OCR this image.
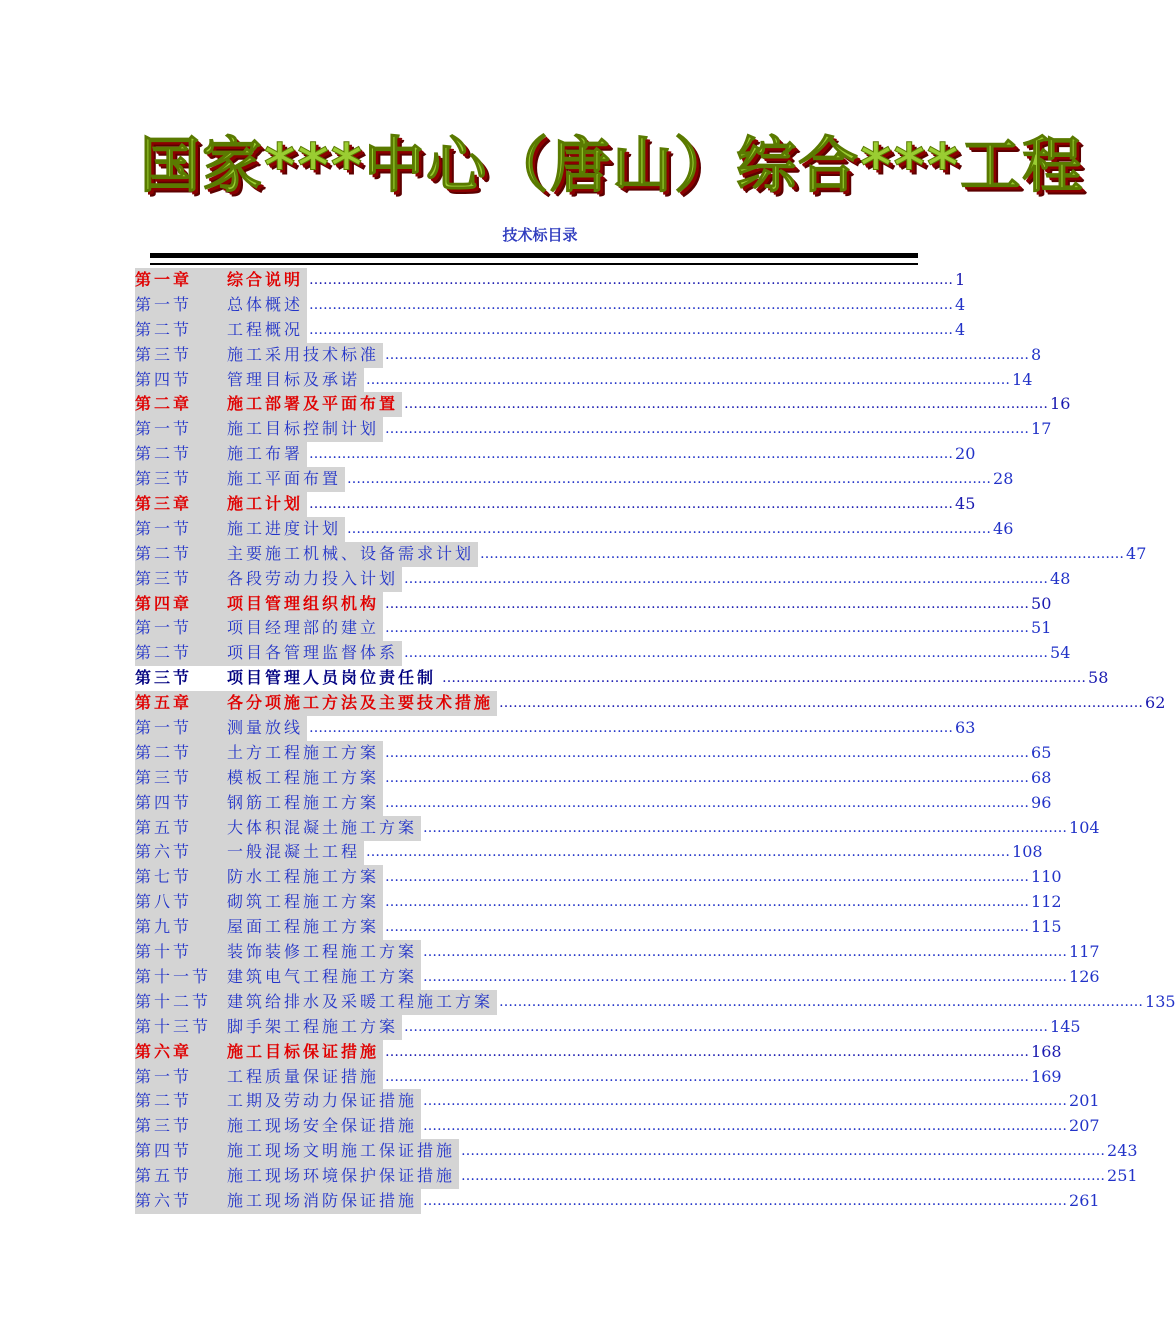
国家***中心（唐山）综合***工程
技术标目录
第一章 综合说明 …………………………………………………………………………………………………………………………	1
第一节 总体概述 …………………………………………………………………………………………………………………………	4
第二节 工程概况 …………………………………………………………………………………………………………………………	4
第三节 施工采用技术标准 …………………………………………………………………………………………………………………………	8
第四节 管理目标及承诺 …………………………………………………………………………………………………………………………	14
第二章 施工部署及平面布置 …………………………………………………………………………………………………………………………	16
第一节 施工目标控制计划 …………………………………………………………………………………………………………………………	17
第二节 施工布署 …………………………………………………………………………………………………………………………	20
第三节 施工平面布置 …………………………………………………………………………………………………………………………	28
第三章 施工计划 …………………………………………………………………………………………………………………………	45
第一节 施工进度计划 …………………………………………………………………………………………………………………………	46
第二节 主要施工机械、设备需求计划 …………………………………………………………………………………………………………………………	47
第三节 各段劳动力投入计划 …………………………………………………………………………………………………………………………	48
第四章 项目管理组织机构 …………………………………………………………………………………………………………………………	50
第一节 项目经理部的建立 …………………………………………………………………………………………………………………………	51
第二节 项目各管理监督体系 …………………………………………………………………………………………………………………………	54
第三节 项目管理人员岗位责任制 …………………………………………………………………………………………………………………………	58
第五章 各分项施工方法及主要技术措施 …………………………………………………………………………………………………………………………	62
第一节 测量放线 …………………………………………………………………………………………………………………………	63
第二节 土方工程施工方案 …………………………………………………………………………………………………………………………	65
第三节 模板工程施工方案 …………………………………………………………………………………………………………………………	68
第四节 钢筋工程施工方案 …………………………………………………………………………………………………………………………	96
第五节 大体积混凝土施工方案 …………………………………………………………………………………………………………………………	104
第六节 一般混凝土工程 …………………………………………………………………………………………………………………………	108
第七节 防水工程施工方案 …………………………………………………………………………………………………………………………	110
第八节 砌筑工程施工方案 …………………………………………………………………………………………………………………………	112
第九节 屋面工程施工方案 …………………………………………………………………………………………………………………………	115
第十节 装饰装修工程施工方案 …………………………………………………………………………………………………………………………	117
第十一节 建筑电气工程施工方案 …………………………………………………………………………………………………………………………	126
第十二节 建筑给排水及采暖工程施工方案 …………………………………………………………………………………………………………………………	135
第十三节 脚手架工程施工方案 …………………………………………………………………………………………………………………………	145
第六章 施工目标保证措施 …………………………………………………………………………………………………………………………	168
第一节 工程质量保证措施 …………………………………………………………………………………………………………………………	169
第二节 工期及劳动力保证措施 …………………………………………………………………………………………………………………………	201
第三节 施工现场安全保证措施 …………………………………………………………………………………………………………………………	207
第四节 施工现场文明施工保证措施 …………………………………………………………………………………………………………………………	243
第五节 施工现场环境保护保证措施 …………………………………………………………………………………………………………………………	251
第六节 施工现场消防保证措施 …………………………………………………………………………………………………………………………	261
